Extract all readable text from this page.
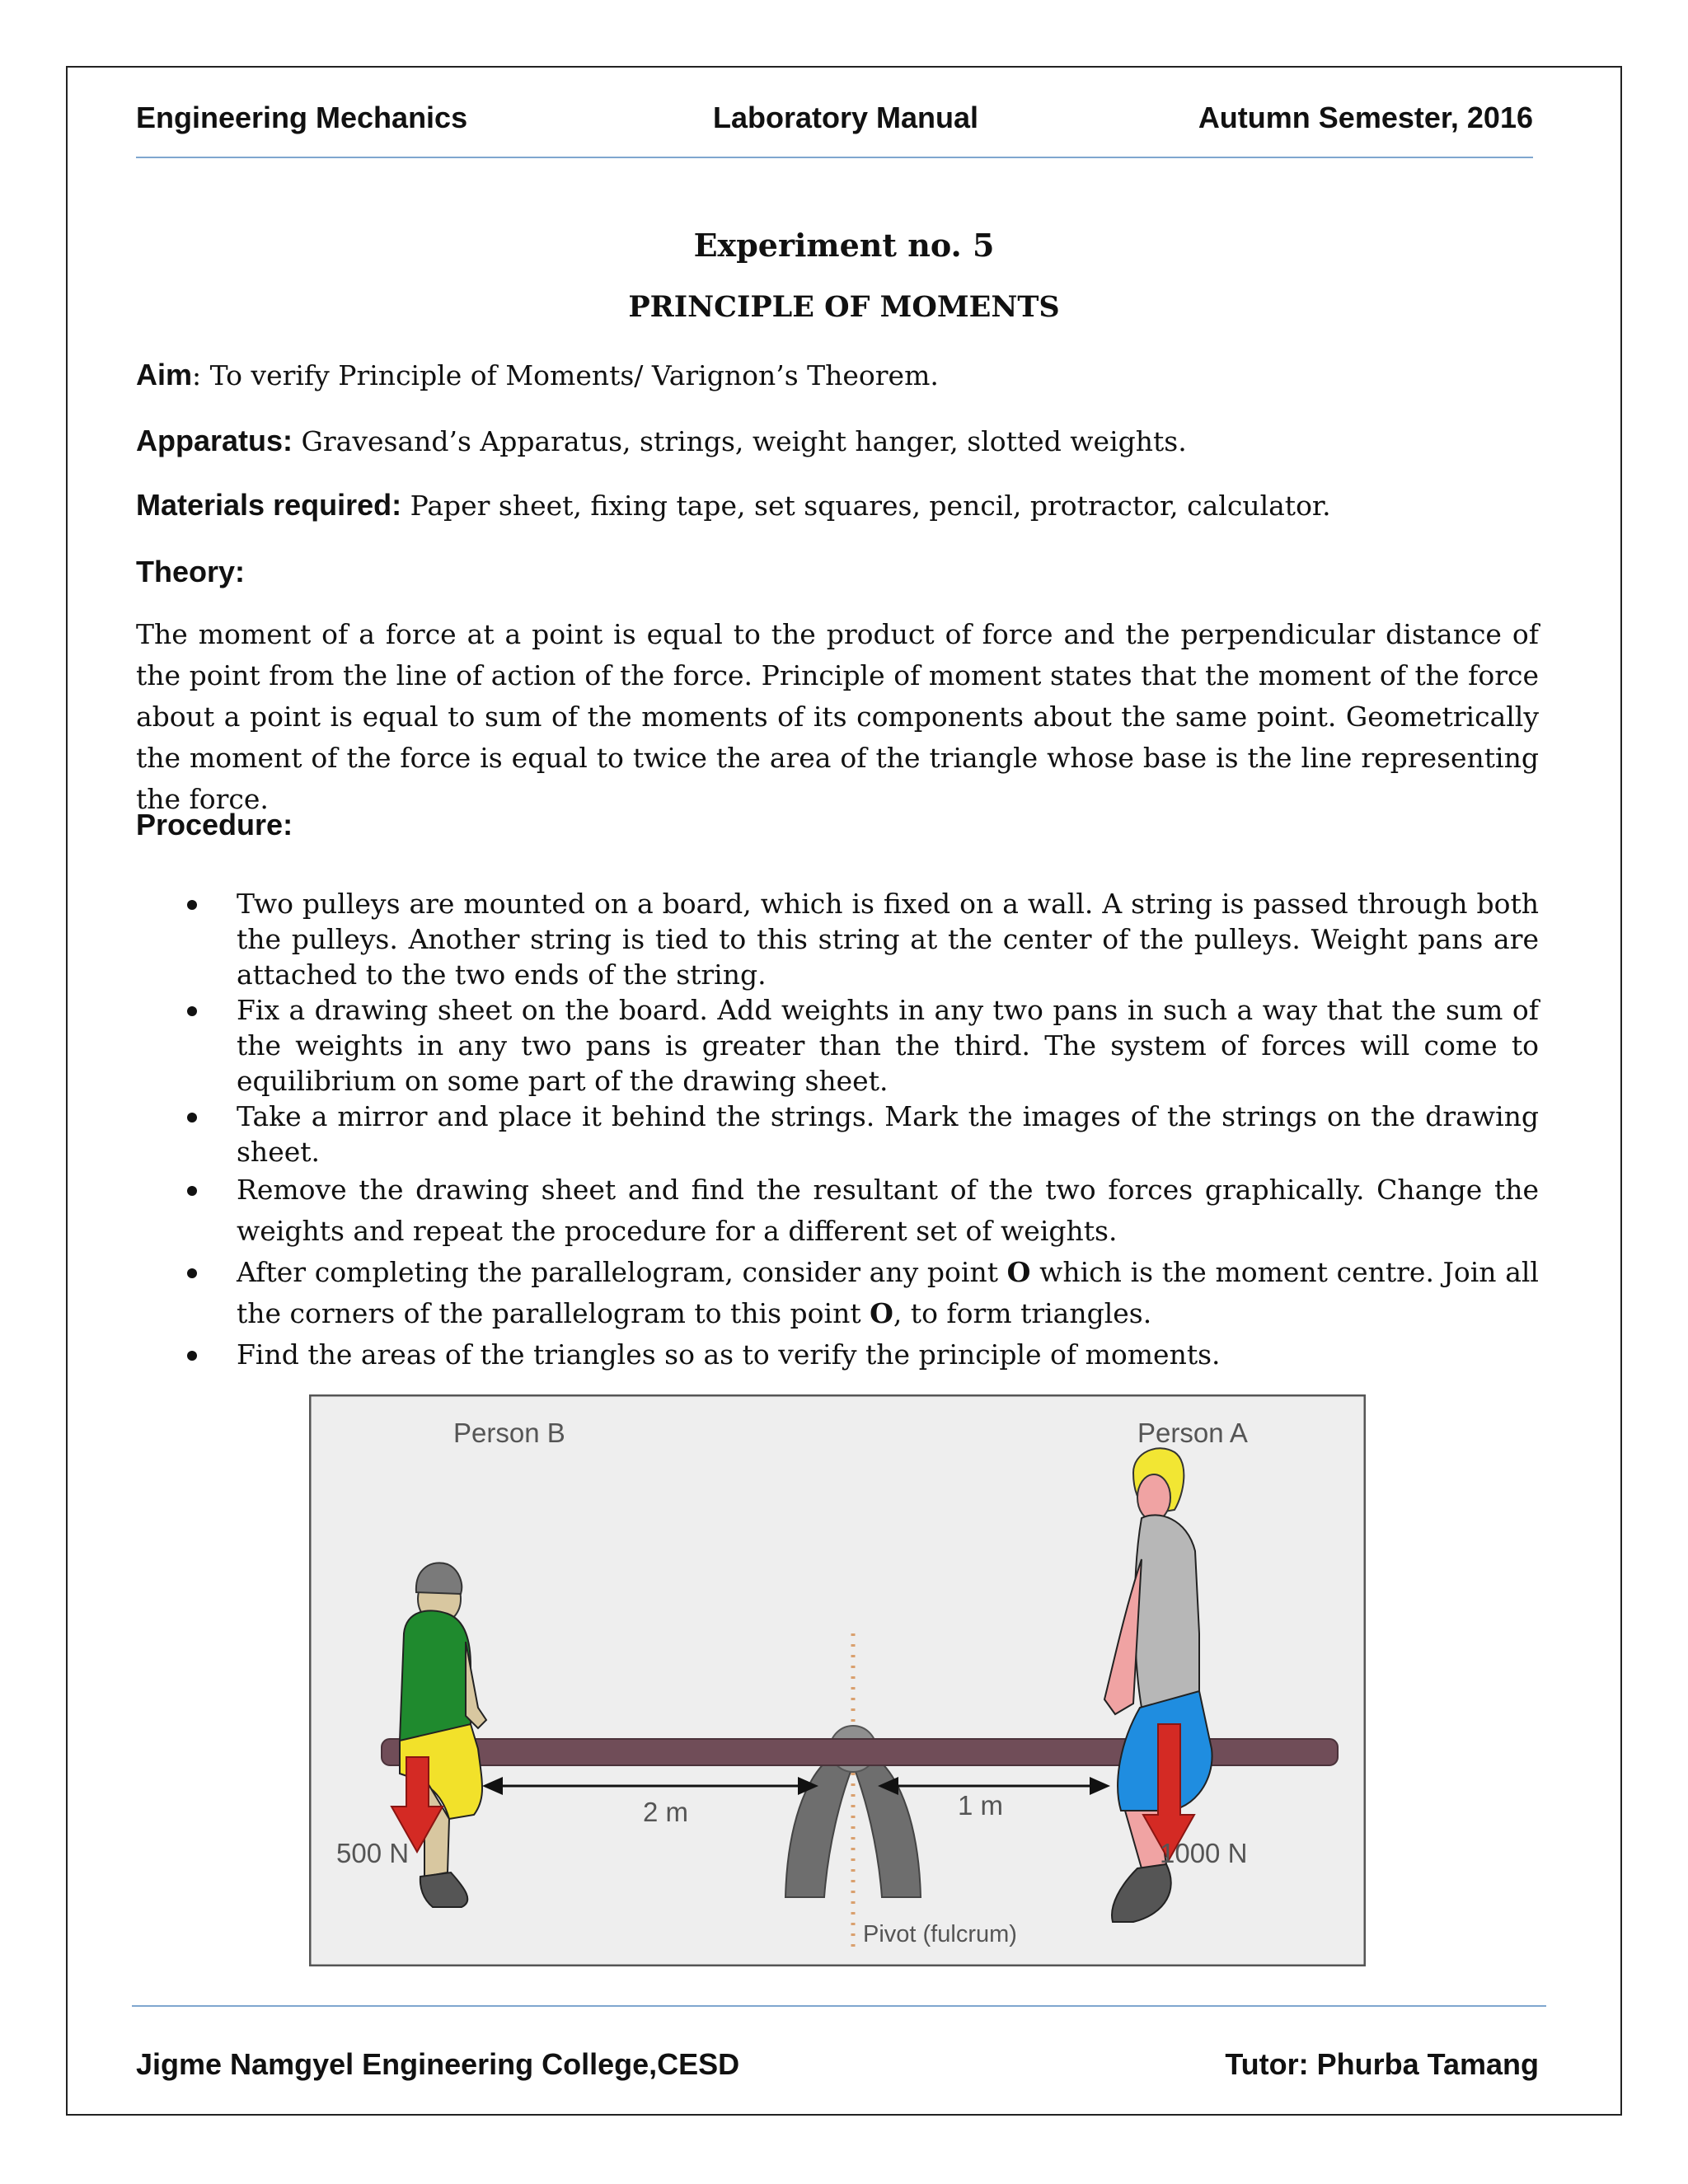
Engineering Mechanics	Laboratory Manual	Autumn Semester, 2016
Experiment no. 5
PRINCIPLE OF MOMENTS
Aim: To verify Principle of Moments/ Varignon’s Theorem.
Apparatus: Gravesand’s Apparatus, strings, weight hanger, slotted weights.
Materials required: Paper sheet, fixing tape, set squares, pencil, protractor, calculator.
Theory:
The moment of a force at a point is equal to the product of force and the perpendicular distance of the point from the line of action of the force. Principle of moment states that the moment of the force about a point is equal to sum of the moments of its components about the same point. Geometrically the moment of the force is equal to twice the area of the triangle whose base is the line representing the force.
Procedure:
Two pulleys are mounted on a board, which is fixed on a wall. A string is passed through both the pulleys. Another string is tied to this string at the center of the pulleys. Weight pans are attached to the two ends of the string.
Fix a drawing sheet on the board. Add weights in any two pans in such a way that the sum of the weights in any two pans is greater than the third. The system of forces will come to equilibrium on some part of the drawing sheet.
Take a mirror and place it behind the strings. Mark the images of the strings on the drawing sheet.
Remove the drawing sheet and find the resultant of the two forces graphically. Change the weights and repeat the procedure for a different set of weights.
After completing the parallelogram, consider any point O which is the moment centre. Join all the corners of the parallelogram to this point O, to form triangles.
Find the areas of the triangles so as to verify the principle of moments.
Person B	Person A
2 m	1 m
500 N	1000 N
Pivot (fulcrum)
Jigme Namgyel Engineering College,CESD	Tutor: Phurba Tamang
